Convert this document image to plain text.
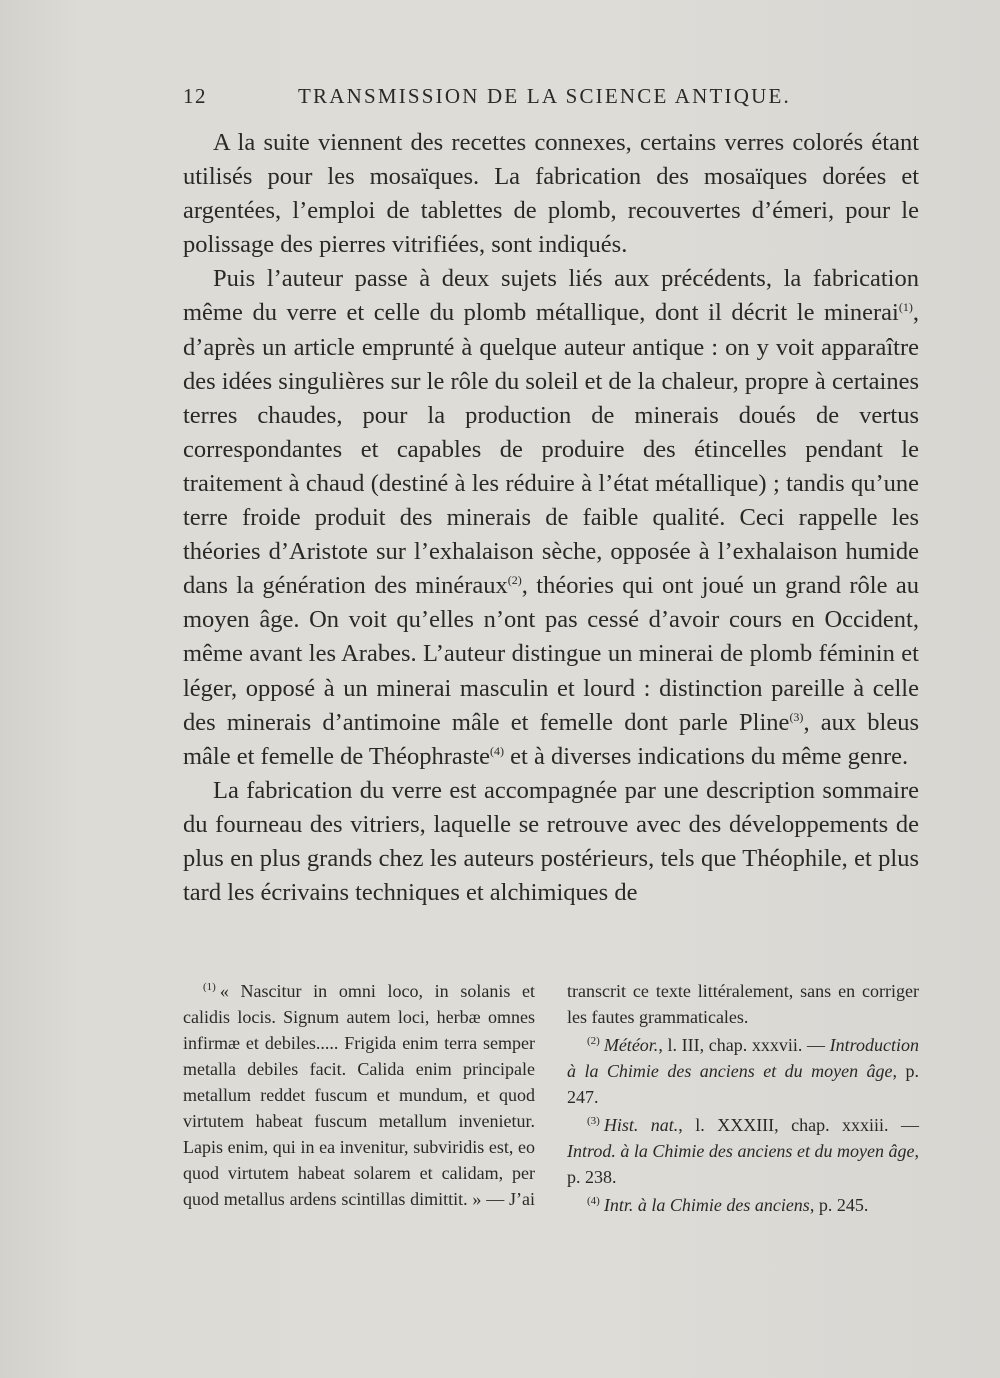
12	TRANSMISSION DE LA SCIENCE ANTIQUE.

A la suite viennent des recettes connexes, certains verres colorés étant utilisés pour les mosaïques. La fabrication des mosaïques dorées et argentées, l’emploi de tablettes de plomb, recouvertes d’émeri, pour le polissage des pierres vitrifiées, sont indiqués.

Puis l’auteur passe à deux sujets liés aux précédents, la fabrication même du verre et celle du plomb métallique, dont il décrit le minerai$^{(1)}$, d’après un article emprunté à quelque auteur antique : on y voit apparaître des idées singulières sur le rôle du soleil et de la chaleur, propre à certaines terres chaudes, pour la production de minerais doués de vertus correspondantes et capables de produire des étincelles pendant le traitement à chaud (destiné à les réduire à l’état métallique) ; tandis qu’une terre froide produit des minerais de faible qualité. Ceci rappelle les théories d’Aristote sur l’exhalaison sèche, opposée à l’exhalaison humide dans la génération des minéraux$^{(2)}$, théories qui ont joué un grand rôle au moyen âge. On voit qu’elles n’ont pas cessé d’avoir cours en Occident, même avant les Arabes. L’auteur distingue un minerai de plomb féminin et léger, opposé à un minerai masculin et lourd : distinction pareille à celle des minerais d’antimoine mâle et femelle dont parle Pline$^{(3)}$, aux bleus mâle et femelle de Théophraste$^{(4)}$ et à diverses indications du même genre.

La fabrication du verre est accompagnée par une description sommaire du fourneau des vitriers, laquelle se retrouve avec des développements de plus en plus grands chez les auteurs postérieurs, tels que Théophile, et plus tard les écrivains techniques et alchimiques de

$^{(1)}$ « Nascitur in omni loco, in solanis et calidis locis. Signum autem loci, herbæ omnes infirmæ et debiles..... Frigida enim terra semper metalla debiles facit. Calida enim principale metallum reddet fuscum et mundum, et quod virtutem habeat fuscum metallum invenietur. Lapis enim, qui in ea invenitur, subviridis est, eo quod virtutem habeat solarem et calidam, per quod metallus ardens scintillas dimittit. » — J’ai transcrit ce texte littéralement, sans en corriger les fautes grammaticales.

$^{(2)}$ Météor., l. III, chap. xxxvii. — Introduction à la Chimie des anciens et du moyen âge, p. 247.

$^{(3)}$ Hist. nat., l. XXXIII, chap. xxxiii. — Introd. à la Chimie des anciens et du moyen âge, p. 238.

$^{(4)}$ Intr. à la Chimie des anciens, p. 245.
